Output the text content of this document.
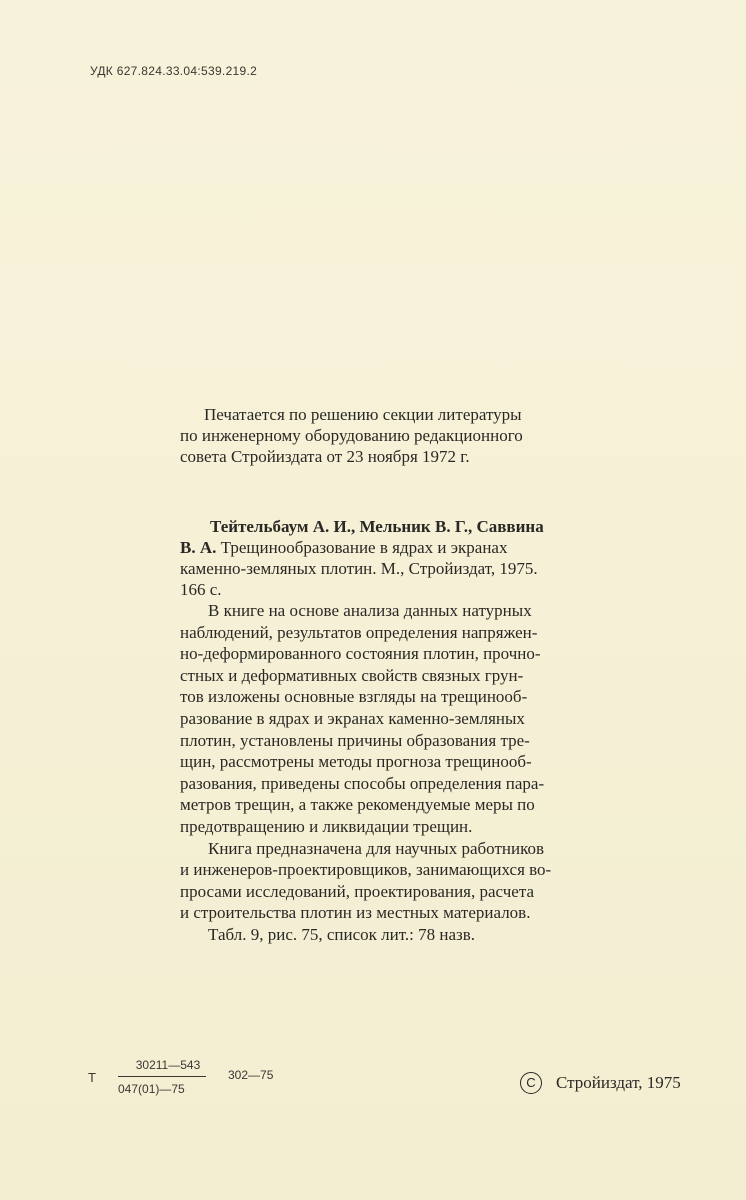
УДК 627.824.33.04:539.219.2
Печатается по решению секции литературы
по инженерному оборудованию редакционного
совета Стройиздата от 23 ноября 1972 г.
Тейтельбаум А. И., Мельник В. Г., Саввина
В. А. Трещинообразование в ядрах и экранах
каменно-земляных плотин. М., Стройиздат, 1975.
166 с.
В книге на основе анализа данных натурных
наблюдений, результатов определения напряжен-
но-деформированного состояния плотин, прочно-
стных и деформативных свойств связных грун-
тов изложены основные взгляды на трещинооб-
разование в ядрах и экранах каменно-земляных
плотин, установлены причины образования тре-
щин, рассмотрены методы прогноза трещинооб-
разования, приведены способы определения пара-
метров трещин, а также рекомендуемые меры по
предотвращению и ликвидации трещин.
Книга предназначена для научных работников
и инженеров-проектировщиков, занимающихся во-
просами исследований, проектирования, расчета
и строительства плотин из местных материалов.
Табл. 9, рис. 75, список лит.: 78 назв.
Т
30211—543
047(01)—75
302—75	C	Стройиздат, 1975
